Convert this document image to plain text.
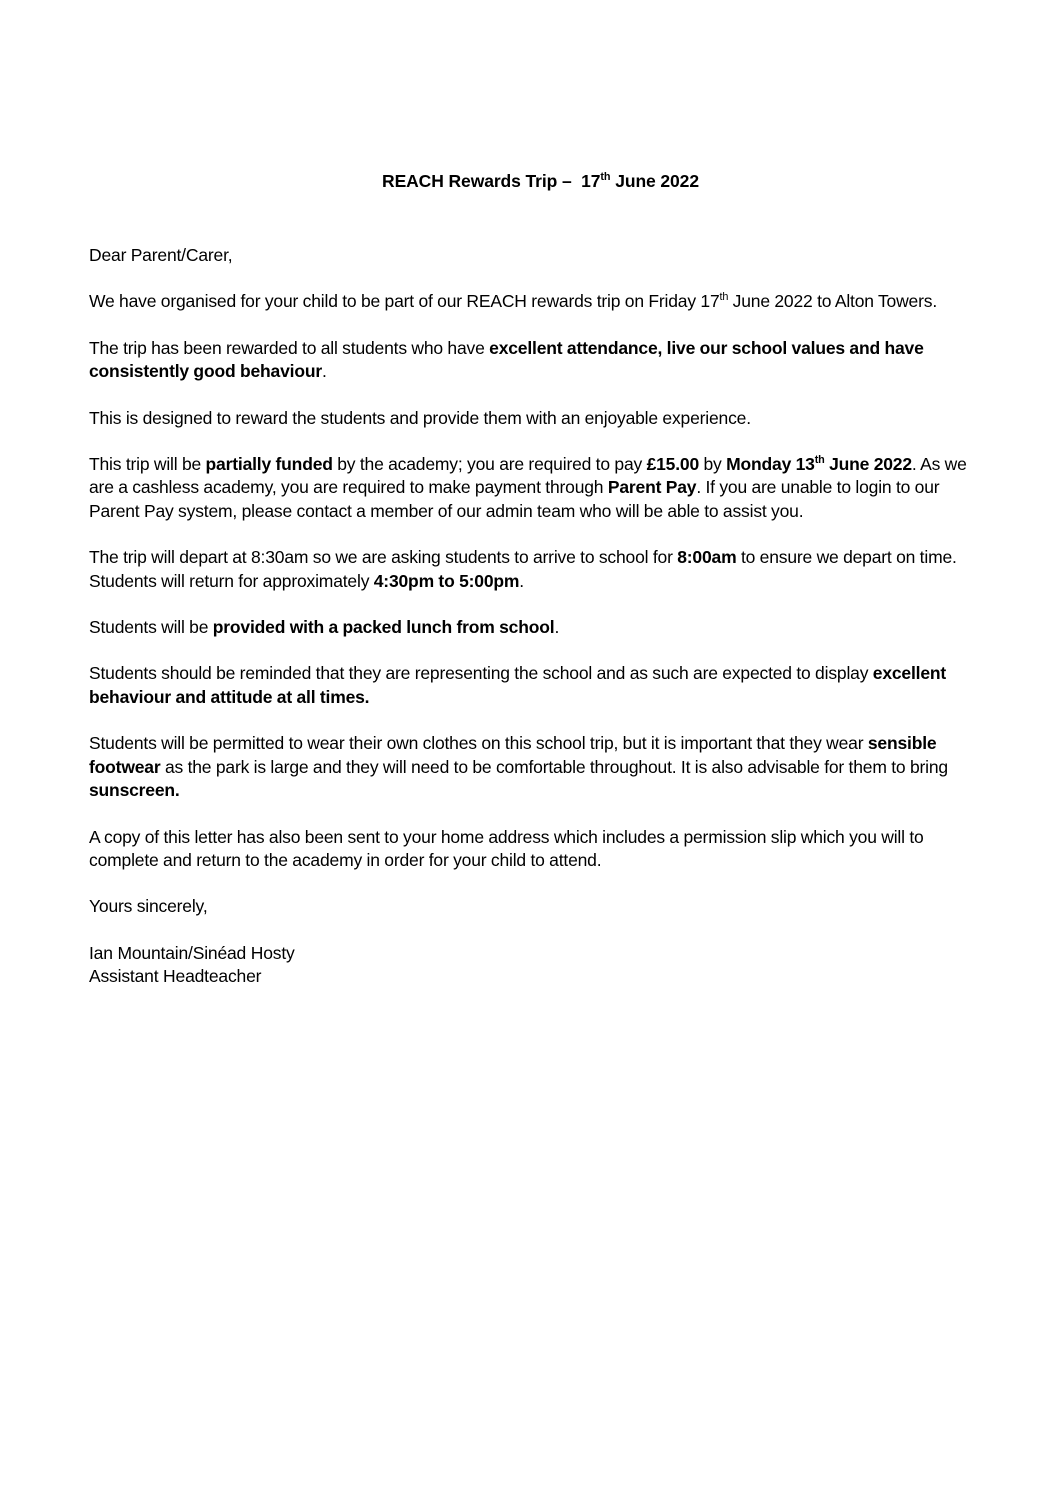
REACH Rewards Trip –  17th June 2022

Dear Parent/Carer,

We have organised for your child to be part of our REACH rewards trip on Friday 17th June 2022 to Alton Towers.

The trip has been rewarded to all students who have excellent attendance, live our school values and have consistently good behaviour.

This is designed to reward the students and provide them with an enjoyable experience.

This trip will be partially funded by the academy; you are required to pay £15.00 by Monday 13th June 2022. As we are a cashless academy, you are required to make payment through Parent Pay. If you are unable to login to our Parent Pay system, please contact a member of our admin team who will be able to assist you.

The trip will depart at 8:30am so we are asking students to arrive to school for 8:00am to ensure we depart on time. Students will return for approximately 4:30pm to 5:00pm.

Students will be provided with a packed lunch from school.

Students should be reminded that they are representing the school and as such are expected to display excellent behaviour and attitude at all times.

Students will be permitted to wear their own clothes on this school trip, but it is important that they wear sensible footwear as the park is large and they will need to be comfortable throughout. It is also advisable for them to bring sunscreen.

A copy of this letter has also been sent to your home address which includes a permission slip which you will to complete and return to the academy in order for your child to attend.

Yours sincerely,

Ian Mountain/Sinéad Hosty
Assistant Headteacher
